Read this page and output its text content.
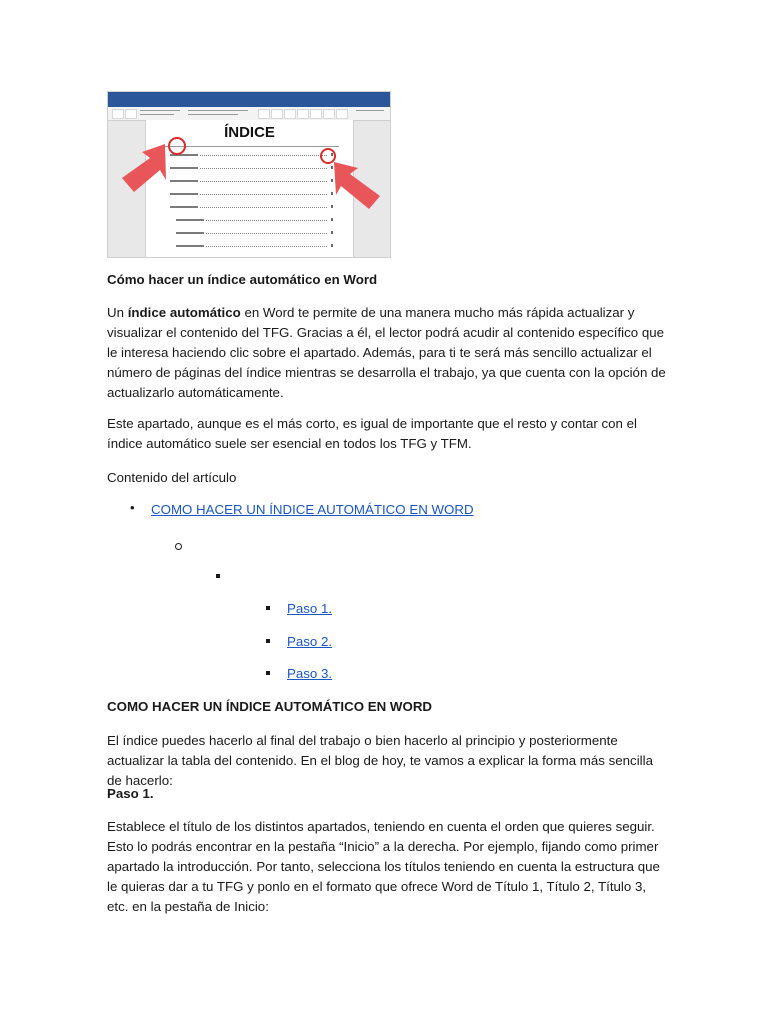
ÍNDICE

Cómo hacer un índice automático en Word

Un índice automático en Word te permite de una manera mucho más rápida actualizar y visualizar el contenido del TFG. Gracias a él, el lector podrá acudir al contenido específico que le interesa haciendo clic sobre el apartado. Además, para ti te será más sencillo actualizar el número de páginas del índice mientras se desarrolla el trabajo, ya que cuenta con la opción de actualizarlo automáticamente.

Este apartado, aunque es el más corto, es igual de importante que el resto y contar con el índice automático suele ser esencial en todos los TFG y TFM.

Contenido del artículo

• COMO HACER UN ÍNDICE AUTOMÁTICO EN WORD
Paso 1.
Paso 2.
Paso 3.

COMO HACER UN ÍNDICE AUTOMÁTICO EN WORD

El índice puedes hacerlo al final del trabajo o bien hacerlo al principio y posteriormente actualizar la tabla del contenido. En el blog de hoy, te vamos a explicar la forma más sencilla de hacerlo:

Paso 1.

Establece el título de los distintos apartados, teniendo en cuenta el orden que quieres seguir. Esto lo podrás encontrar en la pestaña “Inicio” a la derecha. Por ejemplo, fijando como primer apartado la introducción. Por tanto, selecciona los títulos teniendo en cuenta la estructura que le quieras dar a tu TFG y ponlo en el formato que ofrece Word de Título 1, Título 2, Título 3, etc. en la pestaña de Inicio:
